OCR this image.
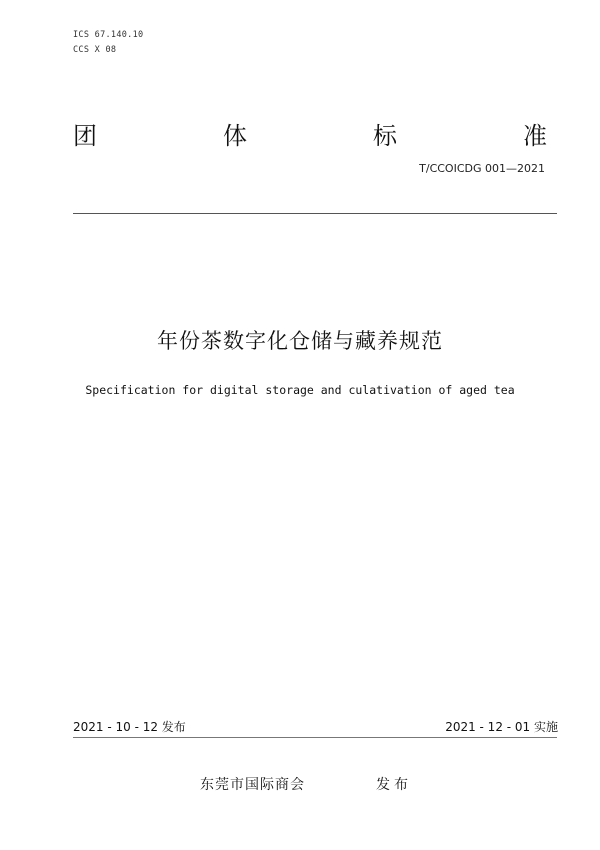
ICS 67.140.10
CCS X 08
团	体	标	准
T/CCOICDG 001—2021
年份茶数字化仓储与藏养规范
Specification for digital storage and culativation of aged tea
2021 - 10 - 12 发布	2021 - 12 - 01 实施
东莞市国际商会	发布
